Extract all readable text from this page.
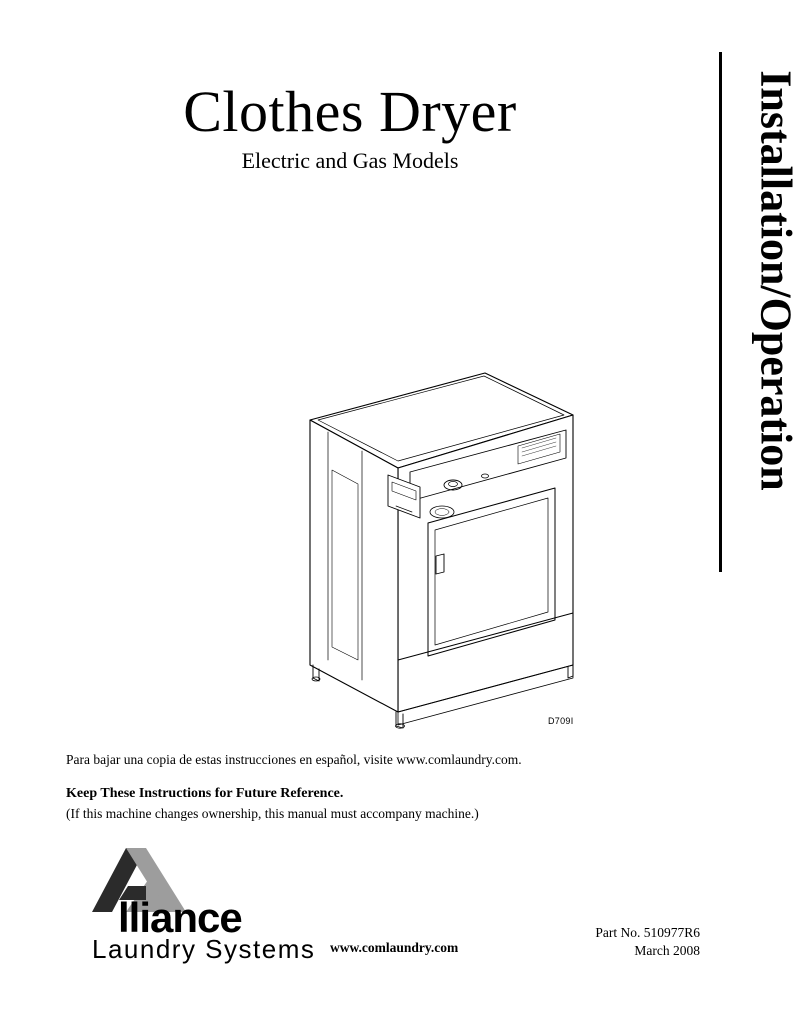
Installation/Operation
Clothes Dryer
Electric and Gas Models
D709I
Para bajar una copia de estas instrucciones en español, visite www.comlaundry.com.
Keep These Instructions for Future Reference.
(If this machine changes ownership, this manual must accompany machine.)
lliance
Laundry Systems www.comlaundry.com
Part No. 510977R6
March 2008
